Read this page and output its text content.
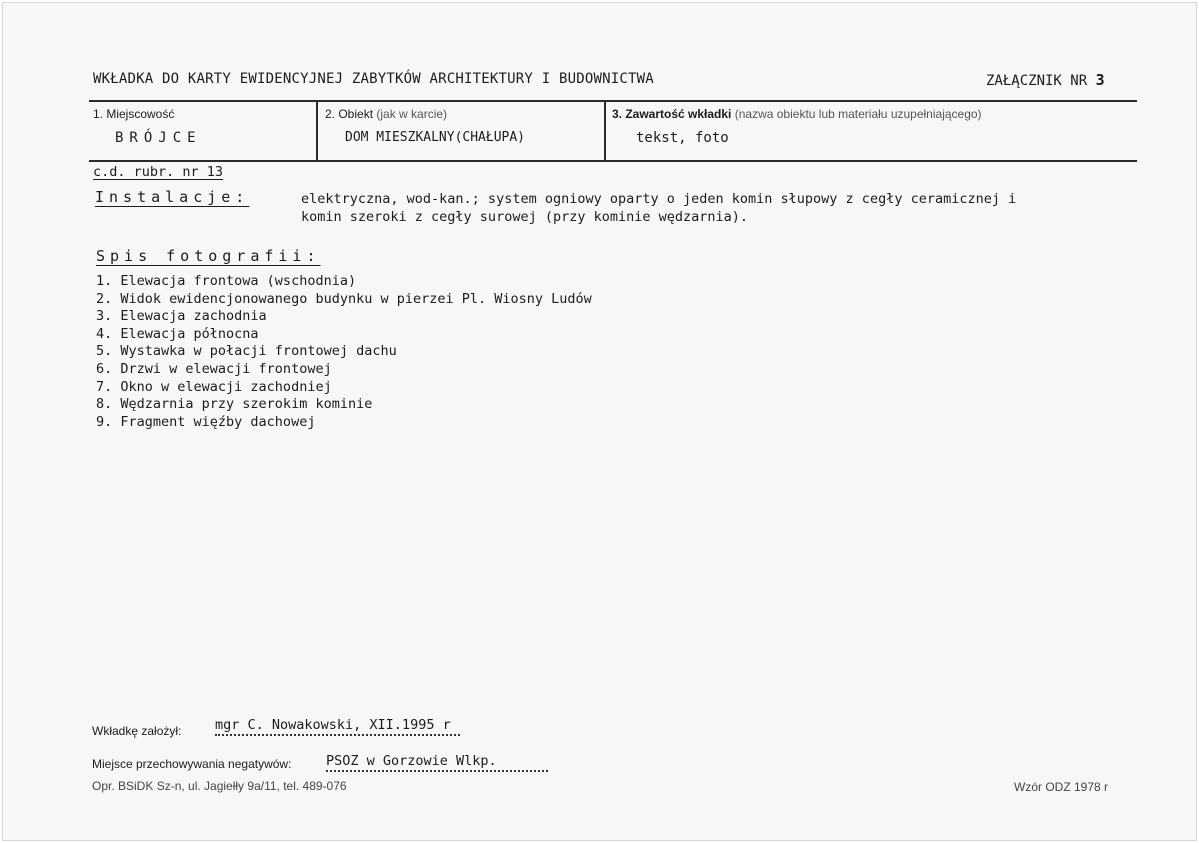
WKŁADKA DO KARTY EWIDENCYJNEJ ZABYTKÓW ARCHITEKTURY I BUDOWNICTWA	ZAŁĄCZNIK NR 3
1. Miejscowość
BRÓJCE
2. Obiekt (jak w karcie)
DOM MIESZKALNY(CHAŁUPA)
3. Zawartość wkładki (nazwa obiektu lub materiału uzupełniającego)
tekst, foto
c.d. rubr. nr 13
Instalacje:	elektryczna, wod-kan.; system ogniowy oparty o jeden komin słupowy z cegły ceramicznej i
komin szeroki z cegły surowej (przy kominie wędzarnia).
Spis fotografii:
1. Elewacja frontowa (wschodnia)
2. Widok ewidencjonowanego budynku w pierzei Pl. Wiosny Ludów
3. Elewacja zachodnia
4. Elewacja północna
5. Wystawka w połacji frontowej dachu
6. Drzwi w elewacji frontowej
7. Okno w elewacji zachodniej
8. Wędzarnia przy szerokim kominie
9. Fragment więźby dachowej
Wkładkę założył: mgr C. Nowakowski, XII.1995 r
Miejsce przechowywania negatywów:	PSOZ w Gorzowie Wlkp.
Opr. BSiDK Sz-n, ul. Jagiełły 9a/11, tel. 489-076	Wzór ODZ 1978 r
